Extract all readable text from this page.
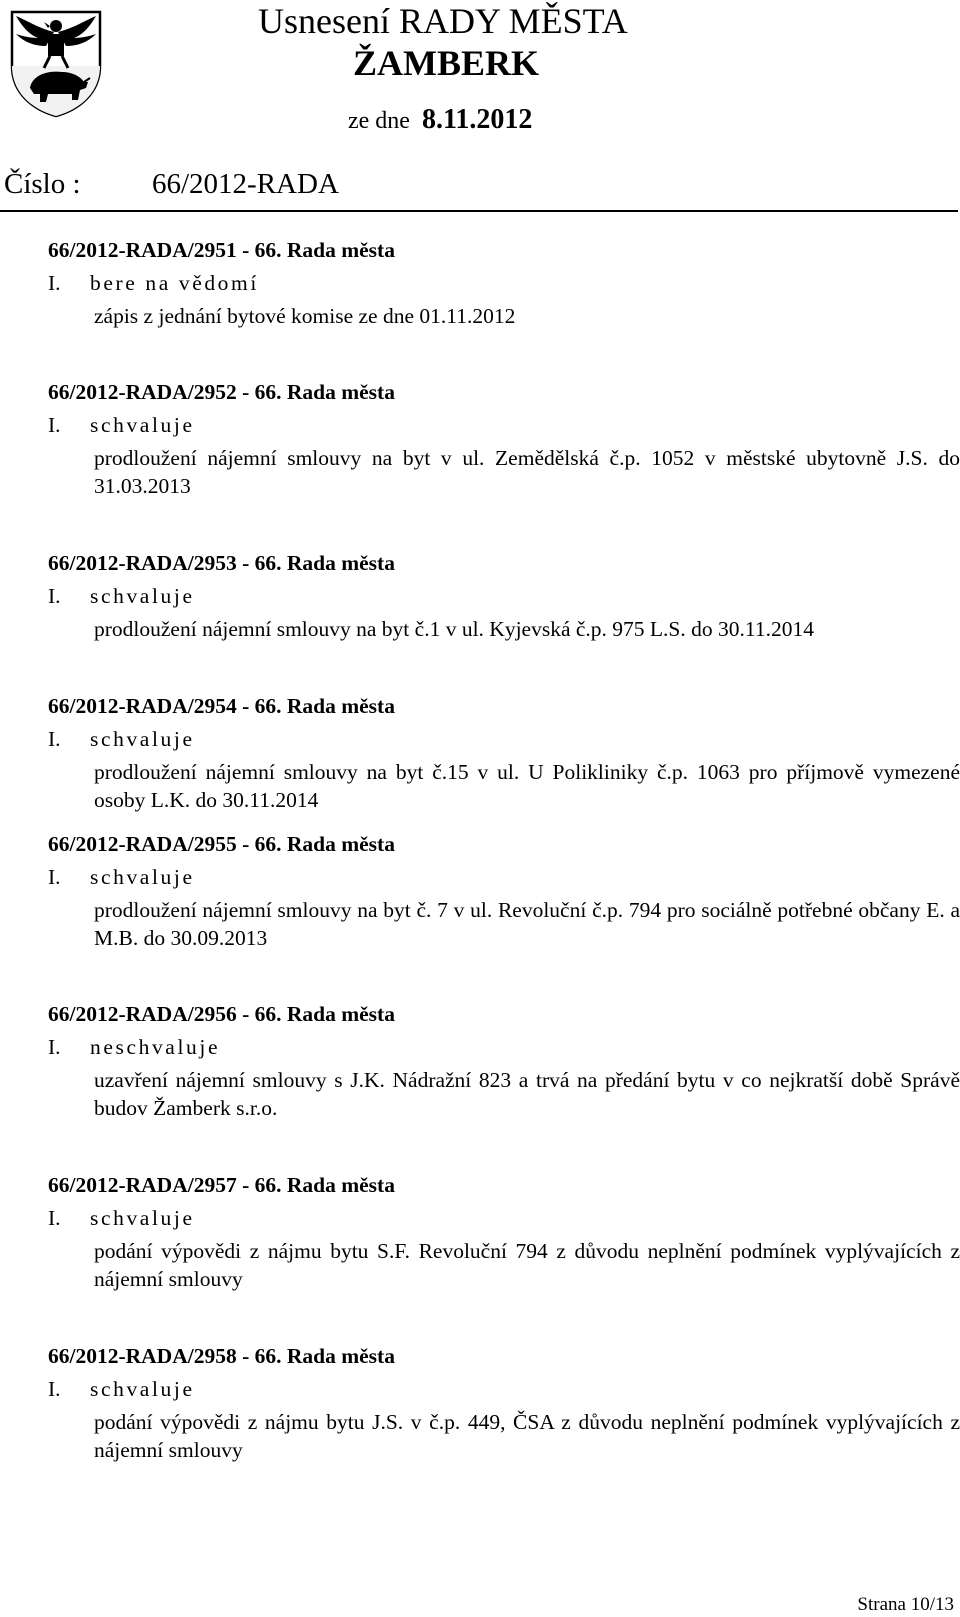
Usnesení RADY MĚSTA
ŽAMBERK
ze dne 8.11.2012
Číslo : 66/2012-RADA
66/2012-RADA/2951 - 66. Rada města
I. bere na vědomí
zápis z jednání bytové komise ze dne 01.11.2012
66/2012-RADA/2952 - 66. Rada města
I. schvaluje
prodloužení nájemní smlouvy na byt v ul. Zemědělská č.p. 1052 v městské ubytovně J.S. do 31.03.2013
66/2012-RADA/2953 - 66. Rada města
I. schvaluje
prodloužení nájemní smlouvy na byt č.1 v ul. Kyjevská č.p. 975 L.S. do 30.11.2014
66/2012-RADA/2954 - 66. Rada města
I. schvaluje
prodloužení nájemní smlouvy na byt č.15 v ul. U Polikliniky č.p. 1063 pro příjmově vymezené osoby L.K. do 30.11.2014
66/2012-RADA/2955 - 66. Rada města
I. schvaluje
prodloužení nájemní smlouvy na byt č. 7 v ul. Revoluční č.p. 794 pro sociálně potřebné občany E. a M.B. do 30.09.2013
66/2012-RADA/2956 - 66. Rada města
I. neschvaluje
uzavření nájemní smlouvy s J.K. Nádražní 823 a trvá na předání bytu v co nejkratší době Správě budov Žamberk s.r.o.
66/2012-RADA/2957 - 66. Rada města
I. schvaluje
podání výpovědi z nájmu bytu S.F. Revoluční 794 z důvodu neplnění podmínek vyplývajících z nájemní smlouvy
66/2012-RADA/2958 - 66. Rada města
I. schvaluje
podání výpovědi z nájmu bytu J.S. v č.p. 449, ČSA z důvodu neplnění podmínek vyplývajících z nájemní smlouvy
Strana 10/13
